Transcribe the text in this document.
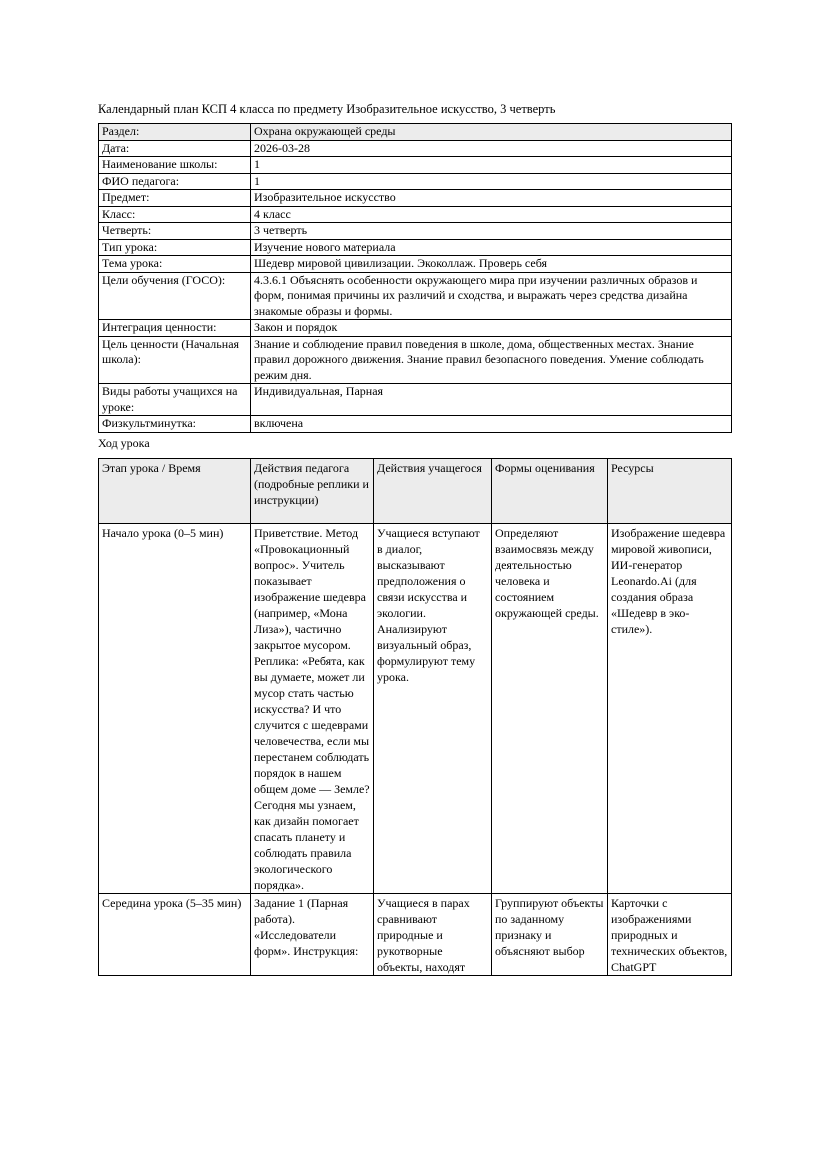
Календарный план КСП 4 класса по предмету Изобразительное искусство, 3 четверть

Раздел:	Охрана окружающей среды
Дата:	2026-03-28
Наименование школы:	1
ФИО педагога:	1
Предмет:	Изобразительное искусство
Класс:	4 класс
Четверть:	3 четверть
Тип урока:	Изучение нового материала
Тема урока:	Шедевр мировой цивилизации. Экоколлаж. Проверь себя
Цели обучения (ГОСО):	4.3.6.1 Объяснять особенности окружающего мира при изучении различных образов и форм, понимая причины их различий и сходства, и выражать через средства дизайна знакомые образы и формы.
Интеграция ценности:	Закон и порядок
Цель ценности (Начальная школа):	Знание и соблюдение правил поведения в школе, дома, общественных местах. Знание правил дорожного движения. Знание правил безопасного поведения. Умение соблюдать режим дня.
Виды работы учащихся на уроке:	Индивидуальная, Парная
Физкультминутка:	включена

Ход урока

Этап урока / Время	Действия педагога (подробные реплики и инструкции)	Действия учащегося	Формы оценивания	Ресурсы
Начало урока (0–5 мин)	Приветствие. Метод «Провокационный вопрос». Учитель показывает изображение шедевра (например, «Мона Лиза»), частично закрытое мусором. Реплика: «Ребята, как вы думаете, может ли мусор стать частью искусства? И что случится с шедеврами человечества, если мы перестанем соблюдать порядок в нашем общем доме — Земле? Сегодня мы узнаем, как дизайн помогает спасать планету и соблюдать правила экологического порядка».	Учащиеся вступают в диалог, высказывают предположения о связи искусства и экологии. Анализируют визуальный образ, формулируют тему урока.	Определяют взаимосвязь между деятельностью человека и состоянием окружающей среды.	Изображение шедевра мировой живописи, ИИ-генератор Leonardo.Ai (для создания образа «Шедевр в эко-стиле»).
Середина урока (5–35 мин)	Задание 1 (Парная работа). «Исследователи форм». Инструкция:	Учащиеся в парах сравнивают природные и рукотворные объекты, находят	Группируют объекты по заданному признаку и объясняют выбор	Карточки с изображениями природных и технических объектов, ChatGPT
